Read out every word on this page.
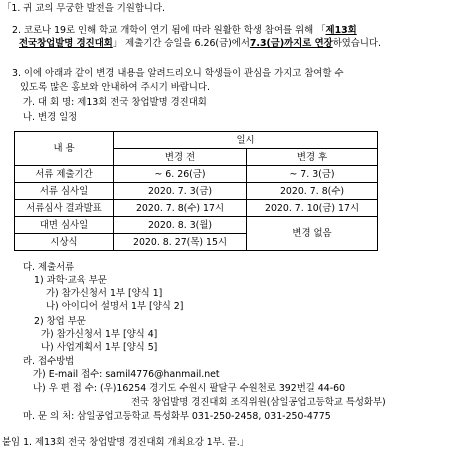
「1. 귀 교의 무궁한 발전을 기원합니다.
2. 코로나 19로 인해 학교 개학이 연기 됨에 따라 원활한 학생 참여를 위해 「제13회
전국창업발명 경진대회」 제출기간 승일을 6.26(금)에서7.3(금)까지로 연장하였습니다.
3. 이에 아래과 같이 변경 내용을 알려드리오니 학생들이 관심을 가지고 참여할 수
있도록 많은 홍보와 안내하여 주시기 바랍니다.
가. 대 회 명: 제13회 전국 창업발명 경진대회
나. 변경 일정
내 용	일시	
	변경 전	변경 후
서류 제출기간	~ 6. 26(금)	~ 7. 3(금)
서류 심사일	2020. 7. 3(금)	2020. 7. 8(수)
서류심사 결과발표	2020. 7. 8(수) 17시	2020. 7. 10(금) 17시
대면 심사일	2020. 8. 3(월)	변경 없음
시상식	2020. 8. 27(목) 15시	
다. 제출서류
1) 과학·교육 부문
가) 참가신청서 1부 [양식 1]
나) 아이디어 설명서 1부 [양식 2]
2) 창업 부문
가) 참가신청서 1부 [양식 4]
나) 사업계획서 1부 [양식 5]
라. 접수방법
가) E-mail 접수: samil4776@hanmail.net
나) 우 편 접 수: (우)16254 경기도 수원시 팔달구 수원천로 392번길 44-60
전국 창업발명 경진대회 조직위원(삼일공업고등학교 특성화부)
마. 문 의 처: 삼일공업고등학교 특성화부 031-250-2458, 031-250-4775
붙임 1. 제13회 전국 창업발명 경진대회 개최요강 1부. 끝.」
